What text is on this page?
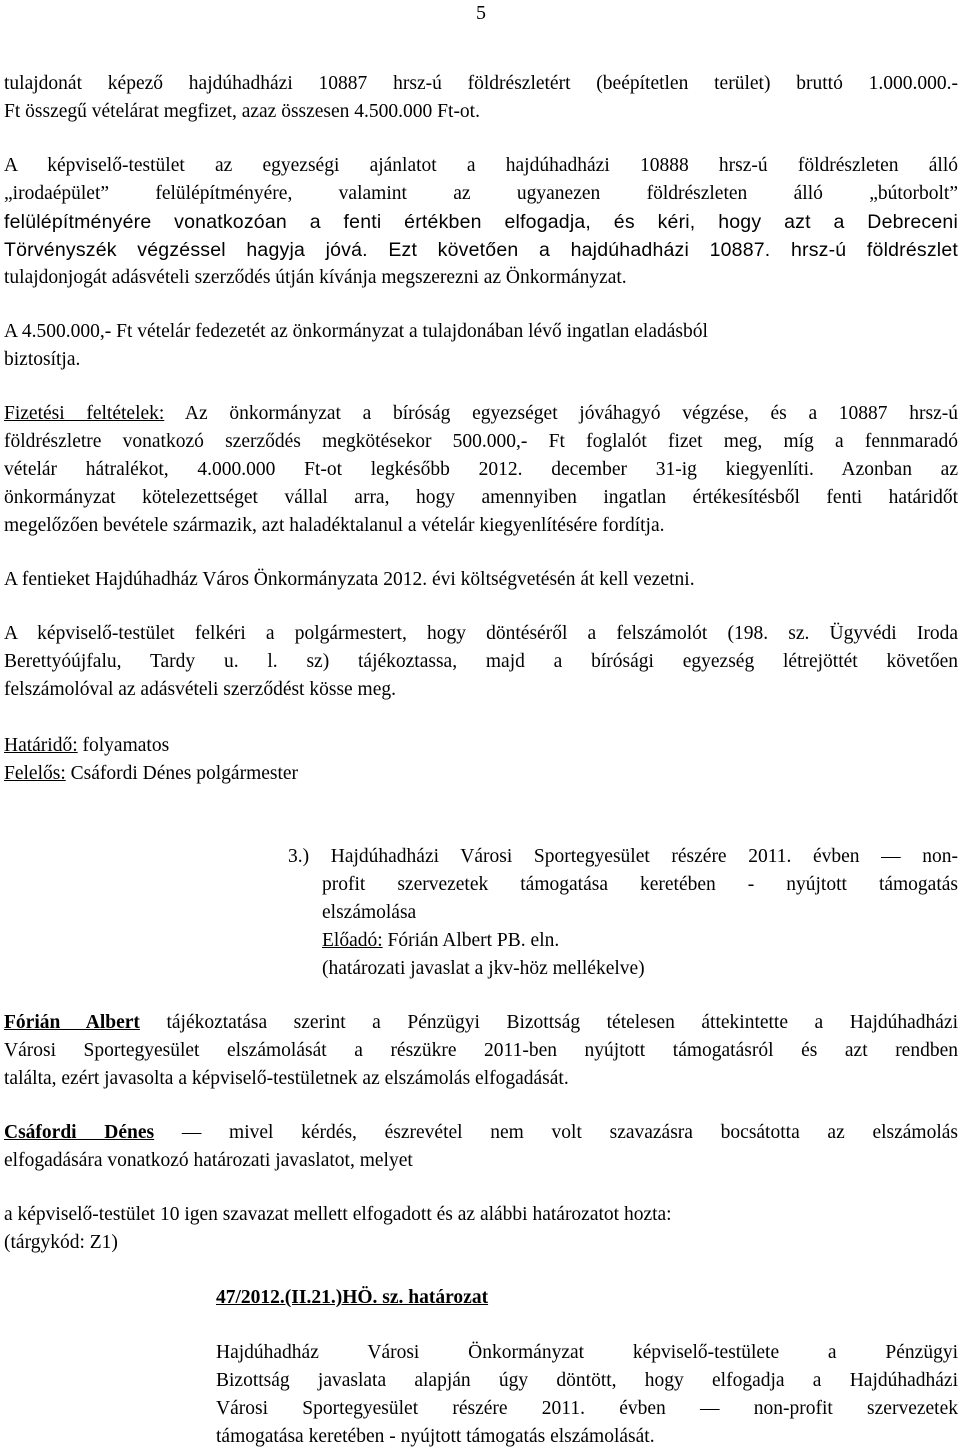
5
tulajdonát képező hajdúhadházi 10887 hrsz-ú földrészletért (beépítetlen terület) bruttó 1.000.000.-
Ft összegű vételárat megfizet, azaz összesen 4.500.000 Ft-ot.
A képviselő-testület az egyezségi ajánlatot a hajdúhadházi 10888 hrsz-ú földrészleten álló
„irodaépület” felülépítményére, valamint az ugyanezen földrészleten álló „bútorbolt”
felülépítményére vonatkozóan a fenti értékben elfogadja, és kéri, hogy azt a Debreceni
Törvényszék végzéssel hagyja jóvá. Ezt követően a hajdúhadházi 10887. hrsz-ú földrészlet
tulajdonjogát adásvételi szerződés útján kívánja megszerezni az Önkormányzat.
A 4.500.000,- Ft vételár fedezetét az önkormányzat a tulajdonában lévő ingatlan eladásból
biztosítja.
Fizetési feltételek: Az önkormányzat a bíróság egyezséget jóváhagyó végzése, és a 10887 hrsz-ú
földrészletre vonatkozó szerződés megkötésekor 500.000,- Ft foglalót fizet meg, míg a fennmaradó
vételár hátralékot, 4.000.000 Ft-ot legkésőbb 2012. december 31-ig kiegyenlíti. Azonban az
önkormányzat kötelezettséget vállal arra, hogy amennyiben ingatlan értékesítésből fenti határidőt
megelőzően bevétele származik, azt haladéktalanul a vételár kiegyenlítésére fordítja.
A fentieket Hajdúhadház Város Önkormányzata 2012. évi költségvetésén át kell vezetni.
A képviselő-testület felkéri a polgármestert, hogy döntéséről a felszámolót (198. sz. Ügyvédi Iroda
Berettyóújfalu, Tardy u. l. sz) tájékoztassa, majd a bírósági egyezség létrejöttét követően
felszámolóval az adásvételi szerződést kösse meg.
Határidő: folyamatos
Felelős: Csáfordi Dénes polgármester
3.) Hajdúhadházi Városi Sportegyesület részére 2011. évben — non-
profit szervezetek támogatása keretében - nyújtott támogatás
elszámolása
Előadó: Fórián Albert PB. eln.
(határozati javaslat a jkv-höz mellékelve)
Fórián Albert tájékoztatása szerint a Pénzügyi Bizottság tételesen áttekintette a Hajdúhadházi
Városi Sportegyesület elszámolását a részükre 2011-ben nyújtott támogatásról és azt rendben
találta, ezért javasolta a képviselő-testületnek az elszámolás elfogadását.
Csáfordi Dénes — mivel kérdés, észrevétel nem volt szavazásra bocsátotta az elszámolás
elfogadására vonatkozó határozati javaslatot, melyet
a képviselő-testület 10 igen szavazat mellett elfogadott és az alábbi határozatot hozta:
(tárgykód: Z1)
47/2012.(II.21.)HÖ. sz. határozat
Hajdúhadház Városi Önkormányzat képviselő-testülete a Pénzügyi
Bizottság javaslata alapján úgy döntött, hogy elfogadja a Hajdúhadházi
Városi Sportegyesület részére 2011. évben — non-profit szervezetek
támogatása keretében - nyújtott támogatás elszámolását.
